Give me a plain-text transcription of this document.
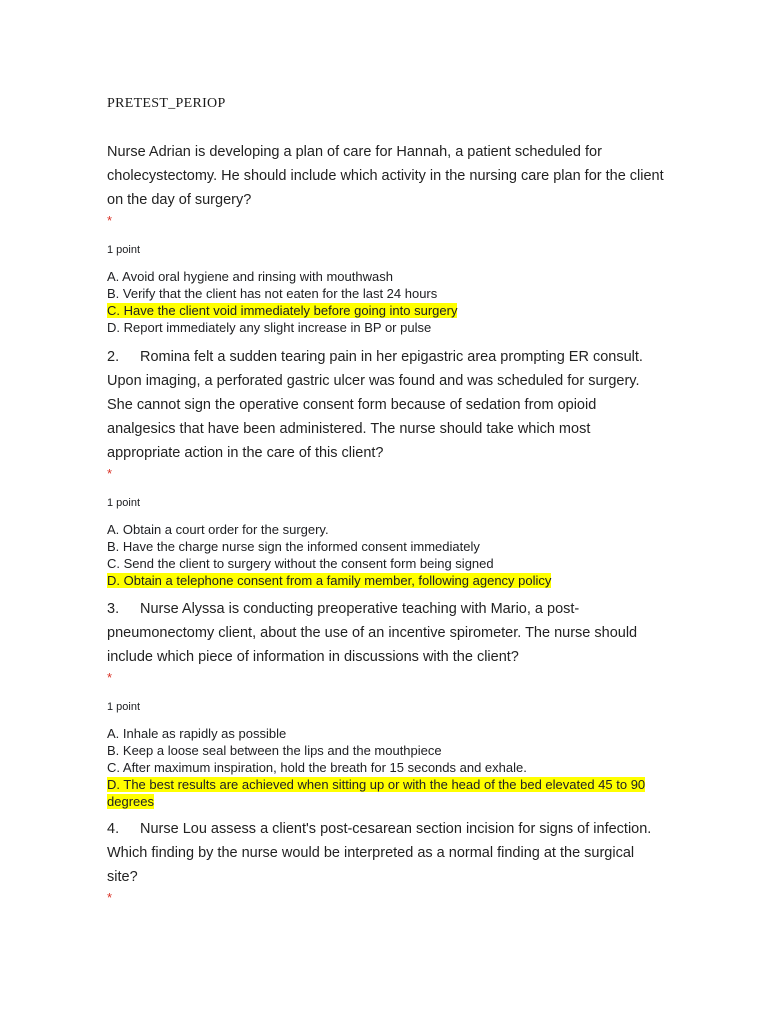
PRETEST_PERIOP
Nurse Adrian is developing a plan of care for Hannah, a patient scheduled for cholecystectomy. He should include which activity in the nursing care plan for the client on the day of surgery?
*
1 point
A. Avoid oral hygiene and rinsing with mouthwash
B. Verify that the client has not eaten for the last 24 hours
C. Have the client void immediately before going into surgery
D. Report immediately any slight increase in BP or pulse
2. Romina felt a sudden tearing pain in her epigastric area prompting ER consult. Upon imaging, a perforated gastric ulcer was found and was scheduled for surgery. She cannot sign the operative consent form because of sedation from opioid analgesics that have been administered. The nurse should take which most appropriate action in the care of this client?
*
1 point
A. Obtain a court order for the surgery.
B. Have the charge nurse sign the informed consent immediately
C. Send the client to surgery without the consent form being signed
D. Obtain a telephone consent from a family member, following agency policy
3. Nurse Alyssa is conducting preoperative teaching with Mario, a post-pneumonectomy client, about the use of an incentive spirometer. The nurse should include which piece of information in discussions with the client?
*
1 point
A. Inhale as rapidly as possible
B. Keep a loose seal between the lips and the mouthpiece
C. After maximum inspiration, hold the breath for 15 seconds and exhale.
D. The best results are achieved when sitting up or with the head of the bed elevated 45 to 90 degrees
4. Nurse Lou assess a client's post-cesarean section incision for signs of infection. Which finding by the nurse would be interpreted as a normal finding at the surgical site?
*
